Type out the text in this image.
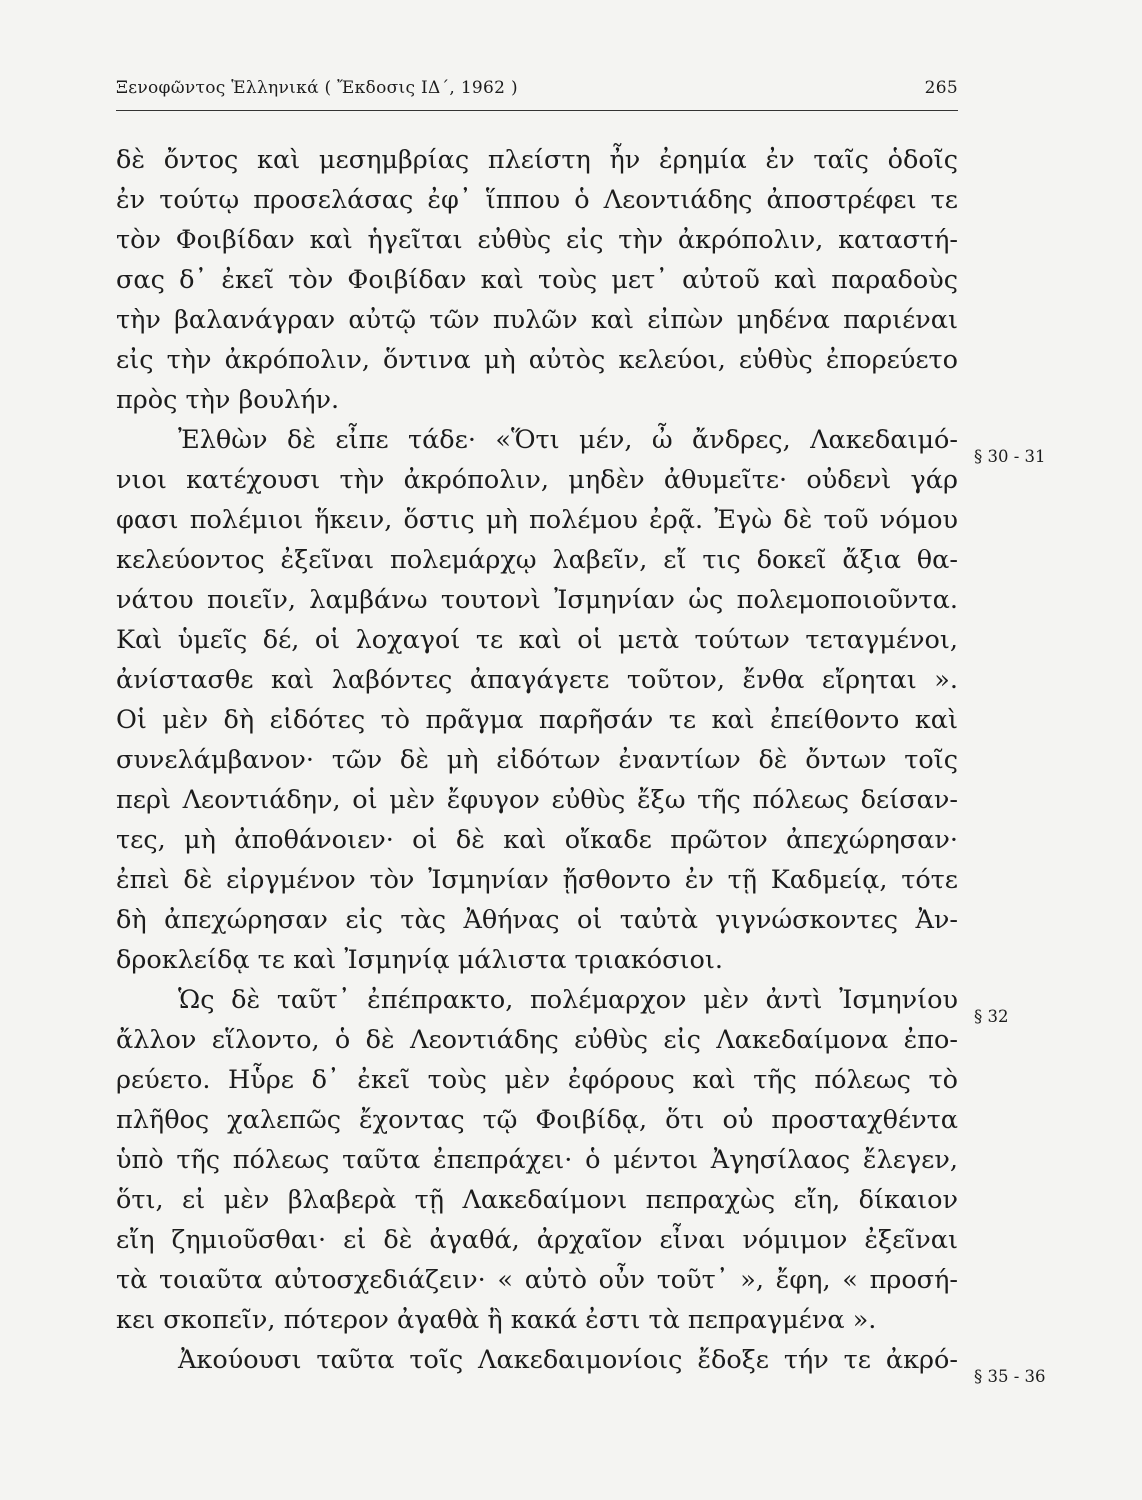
Ξενοφῶντος Ἑλληνικά ( Ἔκδοσις ΙΔ΄, 1962 )	265
δὲ ὄντος καὶ μεσημβρίας πλείστη ἦν ἐρημία ἐν ταῖς ὁδοῖς
ἐν τούτῳ προσελάσας ἐφ᾿ ἵππου ὁ Λεοντιάδης ἀποστρέφει τε
τὸν Φοιβίδαν καὶ ἡγεῖται εὐθὺς εἰς τὴν ἀκρόπολιν, καταστή-
σας δ᾿ ἐκεῖ τὸν Φοιβίδαν καὶ τοὺς μετ᾿ αὐτοῦ καὶ παραδοὺς
τὴν βαλανάγραν αὐτῷ τῶν πυλῶν καὶ εἰπὼν μηδένα παριέναι
εἰς τὴν ἀκρόπολιν, ὅντινα μὴ αὐτὸς κελεύοι, εὐθὺς ἐπορεύετο
πρὸς τὴν βουλήν.
Ἐλθὼν δὲ εἶπε τάδε· «Ὅτι μέν, ὦ ἄνδρες, Λακεδαιμό-
νιοι κατέχουσι τὴν ἀκρόπολιν, μηδὲν ἀθυμεῖτε· οὐδενὶ γάρ
φασι πολέμιοι ἥκειν, ὅστις μὴ πολέμου ἐρᾷ. Ἐγὼ δὲ τοῦ νόμου
κελεύοντος ἐξεῖναι πολεμάρχῳ λαβεῖν, εἴ τις δοκεῖ ἄξια θα-
νάτου ποιεῖν, λαμβάνω τουτονὶ Ἰσμηνίαν ὡς πολεμοποιοῦντα.
Καὶ ὑμεῖς δέ, οἱ λοχαγοί τε καὶ οἱ μετὰ τούτων τεταγμένοι,
ἀνίστασθε καὶ λαβόντες ἀπαγάγετε τοῦτον, ἔνθα εἴρηται ».
Οἱ μὲν δὴ εἰδότες τὸ πρᾶγμα παρῆσάν τε καὶ ἐπείθοντο καὶ
συνελάμβανον· τῶν δὲ μὴ εἰδότων ἐναντίων δὲ ὄντων τοῖς
περὶ Λεοντιάδην, οἱ μὲν ἔφυγον εὐθὺς ἔξω τῆς πόλεως δείσαν-
τες, μὴ ἀποθάνοιεν· οἱ δὲ καὶ οἴκαδε πρῶτον ἀπεχώρησαν·
ἐπεὶ δὲ εἰργμένον τὸν Ἰσμηνίαν ᾔσθοντο ἐν τῇ Καδμείᾳ, τότε
δὴ ἀπεχώρησαν εἰς τὰς Ἀθήνας οἱ ταὐτὰ γιγνώσκοντες Ἀν-
δροκλείδᾳ τε καὶ Ἰσμηνίᾳ μάλιστα τριακόσιοι.
Ὡς δὲ ταῦτ᾿ ἐπέπρακτο, πολέμαρχον μὲν ἀντὶ Ἰσμηνίου
ἄλλον εἵλοντο, ὁ δὲ Λεοντιάδης εὐθὺς εἰς Λακεδαίμονα ἐπο-
ρεύετο. Ηὗρε δ᾿ ἐκεῖ τοὺς μὲν ἐφόρους καὶ τῆς πόλεως τὸ
πλῆθος χαλεπῶς ἔχοντας τῷ Φοιβίδᾳ, ὅτι οὐ προσταχθέντα
ὑπὸ τῆς πόλεως ταῦτα ἐπεπράχει· ὁ μέντοι Ἀγησίλαος ἔλεγεν,
ὅτι, εἰ μὲν βλαβερὰ τῇ Λακεδαίμονι πεπραχὼς εἴη, δίκαιον
εἴη ζημιοῦσθαι· εἰ δὲ ἀγαθά, ἀρχαῖον εἶναι νόμιμον ἐξεῖναι
τὰ τοιαῦτα αὐτοσχεδιάζειν· « αὐτὸ οὖν τοῦτ᾿ », ἔφη, « προσή-
κει σκοπεῖν, πότερον ἀγαθὰ ἢ κακά ἐστι τὰ πεπραγμένα ».
Ἀκούουσι ταῦτα τοῖς Λακεδαιμονίοις ἔδοξε τήν τε ἀκρό-
§ 30 - 31
§ 32
§ 35 - 36
